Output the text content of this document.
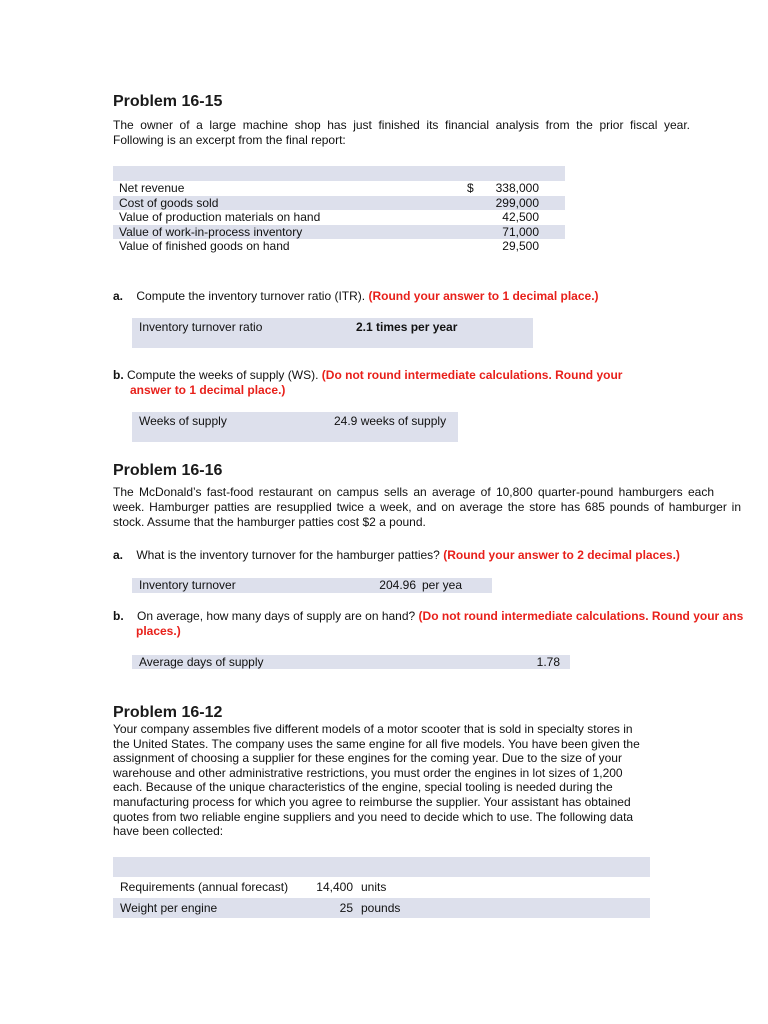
Problem 16-15
The owner of a large machine shop has just finished its financial analysis from the prior fiscal year.
Following is an excerpt from the final report:
Net revenue	$ 338,000
Cost of goods sold	299,000
Value of production materials on hand	42,500
Value of work-in-process inventory	71,000
Value of finished goods on hand	29,500
a. Compute the inventory turnover ratio (ITR). (Round your answer to 1 decimal place.)
Inventory turnover ratio	2.1 times per year
b. Compute the weeks of supply (WS). (Do not round intermediate calculations. Round your
answer to 1 decimal place.)
Weeks of supply	24.9 weeks of supply
Problem 16-16
The McDonald’s fast-food restaurant on campus sells an average of 10,800 quarter-pound hamburgers each
week. Hamburger patties are resupplied twice a week, and on average the store has 685 pounds of hamburger in
stock. Assume that the hamburger patties cost $2 a pound.
a. What is the inventory turnover for the hamburger patties? (Round your answer to 2 decimal places.)
Inventory turnover	204.96 per yea
b. On average, how many days of supply are on hand? (Do not round intermediate calculations. Round your ans
places.)
Average days of supply	1.78
Problem 16-12
Your company assembles five different models of a motor scooter that is sold in specialty stores in
the United States. The company uses the same engine for all five models. You have been given the
assignment of choosing a supplier for these engines for the coming year. Due to the size of your
warehouse and other administrative restrictions, you must order the engines in lot sizes of 1,200
each. Because of the unique characteristics of the engine, special tooling is needed during the
manufacturing process for which you agree to reimburse the supplier. Your assistant has obtained
quotes from two reliable engine suppliers and you need to decide which to use. The following data
have been collected:
Requirements (annual forecast) 14,400 units
Weight per engine	25 pounds
